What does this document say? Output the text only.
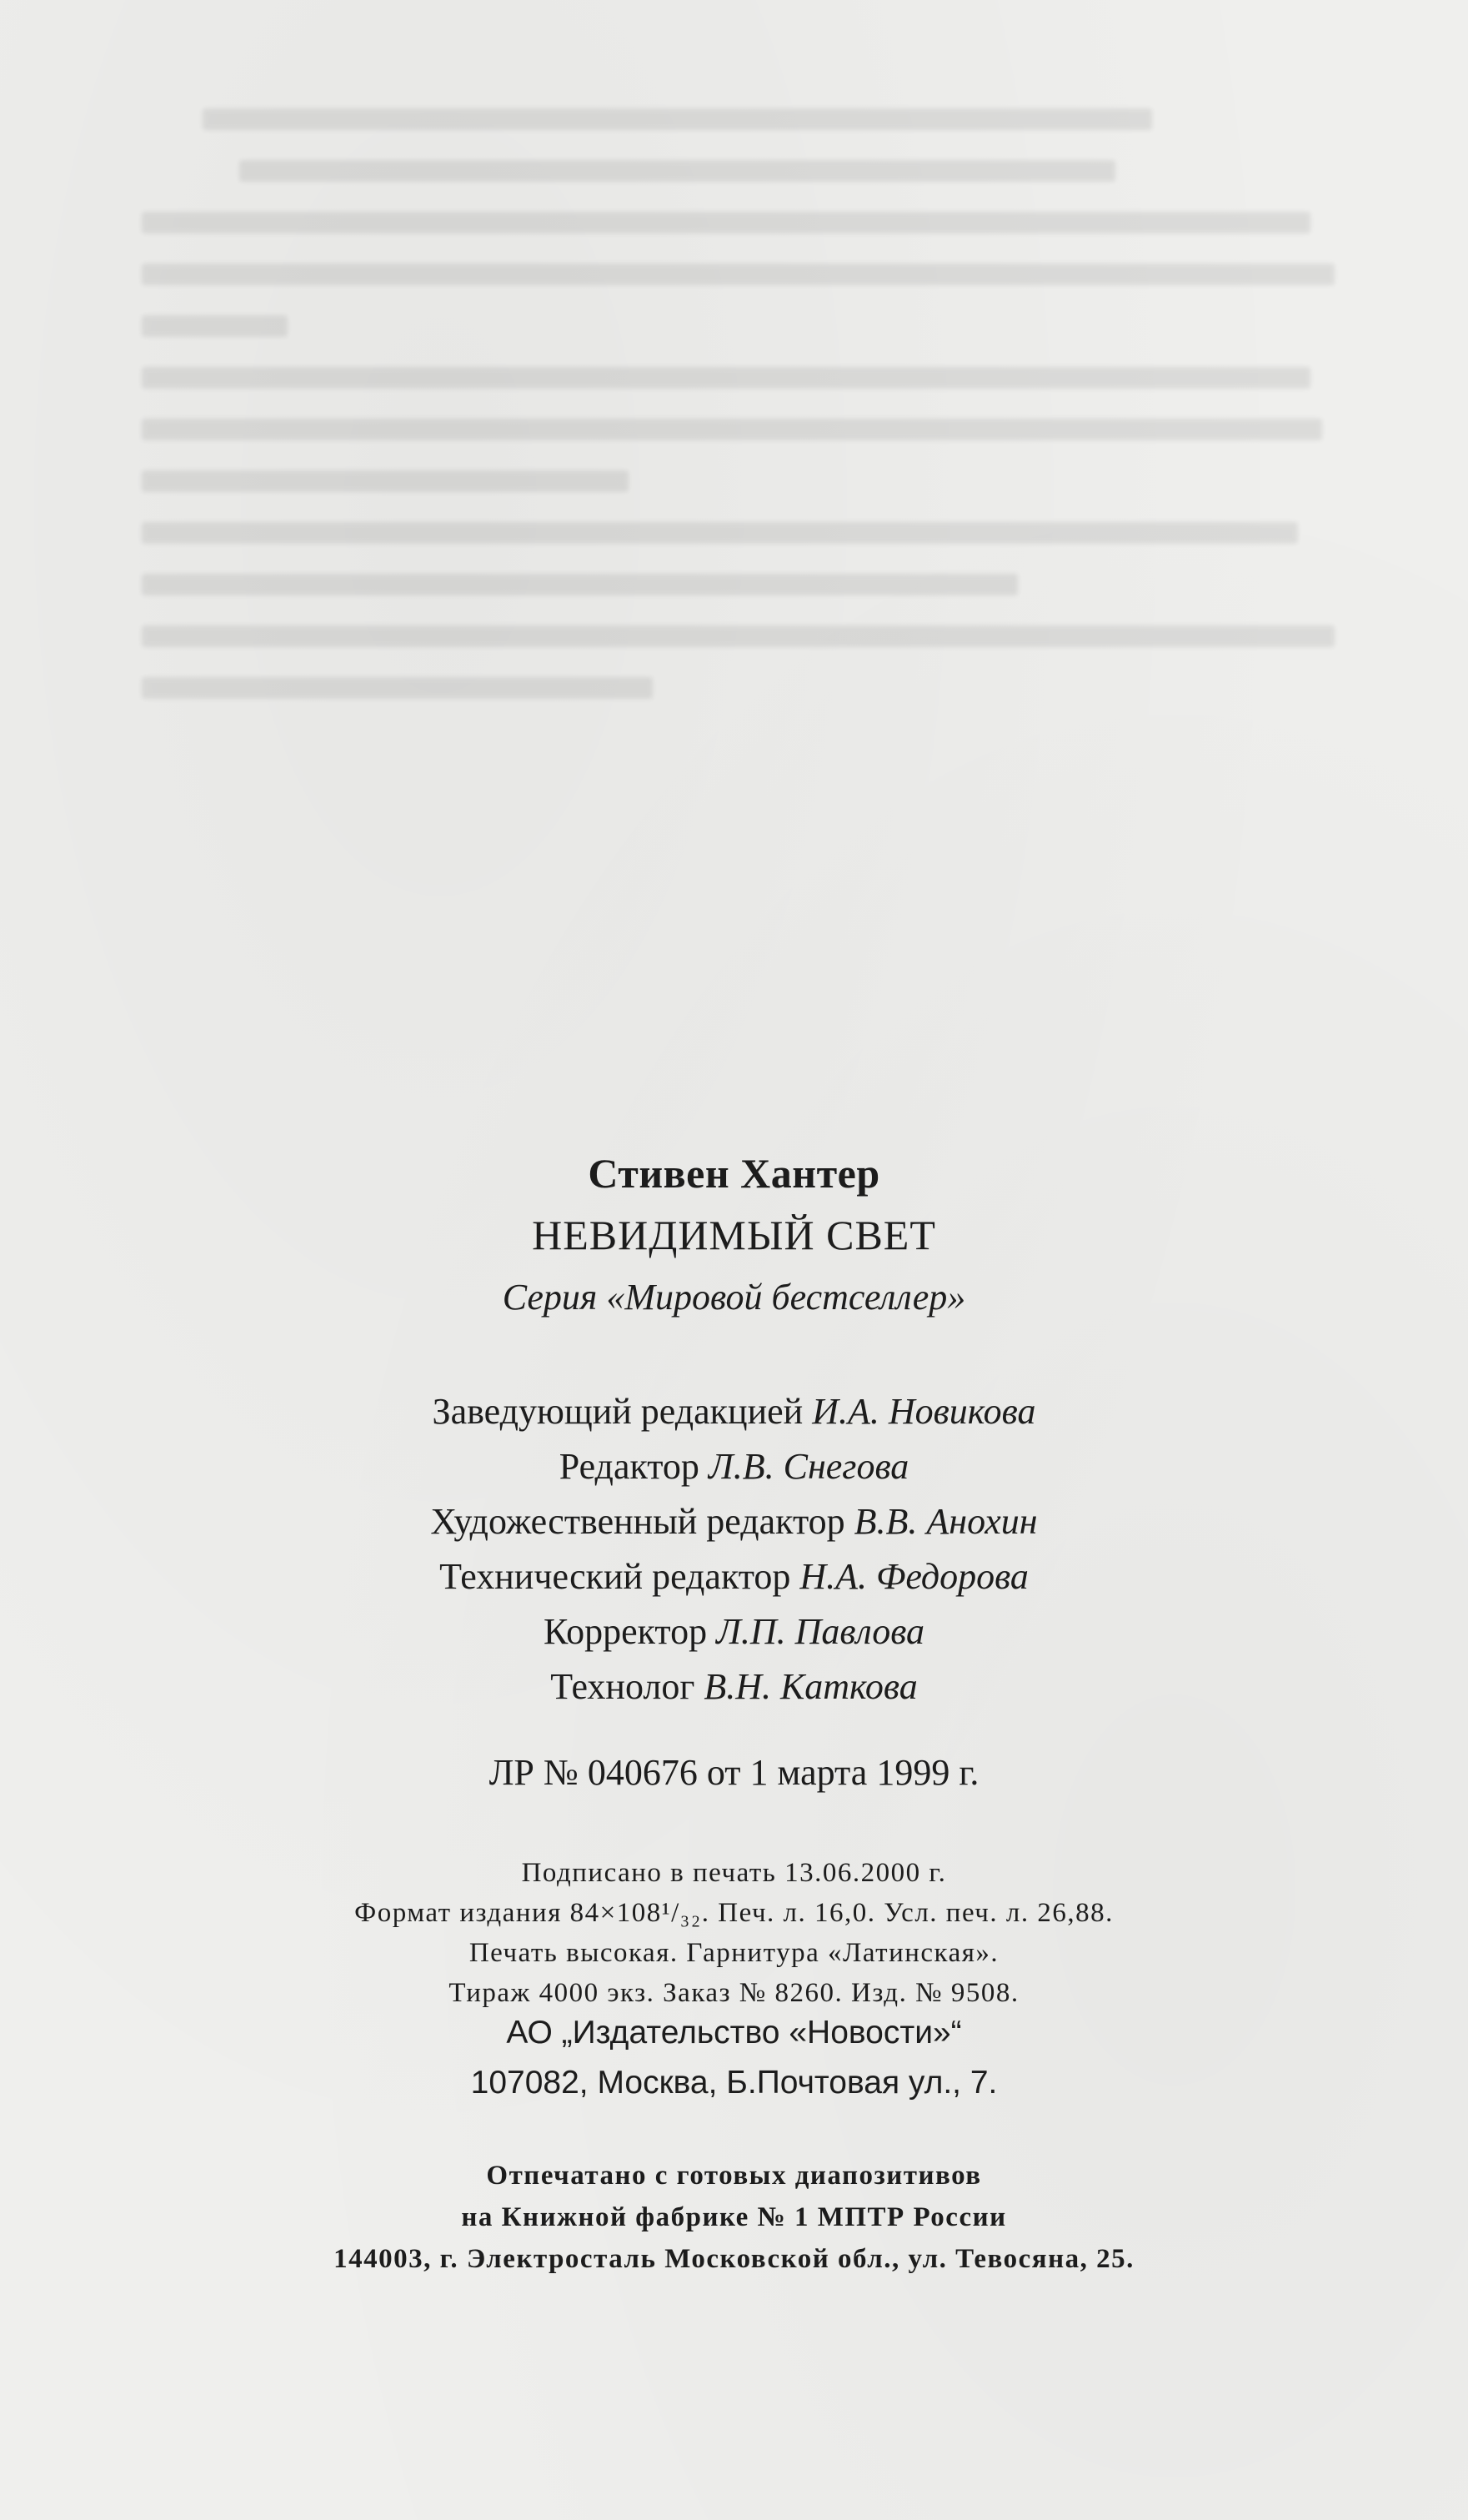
Стивен Хантер
НЕВИДИМЫЙ СВЕТ
Серия «Мировой бестселлер»
Заведующий редакцией И.А. Новикова
Редактор Л.В. Снегова
Художественный редактор В.В. Анохин
Технический редактор Н.А. Федорова
Корректор Л.П. Павлова
Технолог В.Н. Каткова
ЛР № 040676 от 1 марта 1999 г.
Подписано в печать 13.06.2000 г.
Формат издания 84×108¹/₃₂. Печ. л. 16,0. Усл. печ. л. 26,88.
Печать высокая. Гарнитура «Латинская».
Тираж 4000 экз. Заказ № 8260. Изд. № 9508.
АО „Издательство «Новости»“
107082, Москва, Б.Почтовая ул., 7.
Отпечатано с готовых диапозитивов
на Книжной фабрике № 1 МПТР России
144003, г. Электросталь Московской обл., ул. Тевосяна, 25.
